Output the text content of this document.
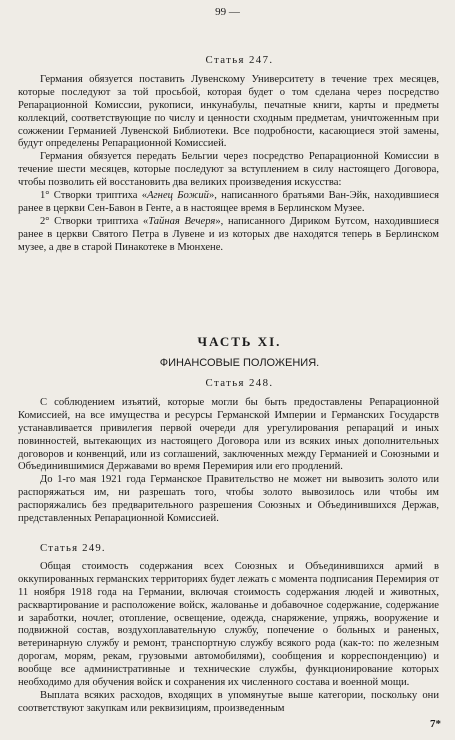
99 —

Статья 247.

Германия обязуется поставить Лувенскому Университету в течение трех месяцев, которые последуют за той просьбой, которая будет о том сделана через посредство Репарационной Комиссии, рукописи, инкунабулы, печатные книги, карты и предметы коллекций, соответствующие по числу и ценности сходным предметам, уничтоженным при сожжении Германией Лувенской Библиотеки. Все подробности, касающиеся этой замены, будут определены Репарационной Комиссией.

Германия обязуется передать Бельгии через посредство Репарационной Комиссии в течение шести месяцев, которые последуют за вступлением в силу настоящего Договора, чтобы позволить ей восстановить два великих произведения искусства:

1° Створки триптиха «Агнец Божий», написанного братьями Ван-Эйк, находившиеся ранее в церкви Сен-Бавон в Генте, а в настоящее время в Берлинском Музее.

2° Створки триптиха «Тайная Вечеря», написанного Дириком Бутсом, находившиеся ранее в церкви Святого Петра в Лувене и из которых две находятся теперь в Берлинском музее, а две в старой Пинакотеке в Мюнхене.

ЧАСТЬ XI.

ФИНАНСОВЫЕ ПОЛОЖЕНИЯ.

Статья 248.

С соблюдением изъятий, которые могли бы быть предоставлены Репарационной Комиссией, на все имущества и ресурсы Германской Империи и Германских Государств устанавливается привилегия первой очереди для урегулирования репараций и иных повинностей, вытекающих из настоящего Договора или из всяких иных дополнительных договоров и конвенций, или из соглашений, заключенных между Германией и Союзными и Объединившимися Державами во время Перемирия или его продлений.

До 1-го мая 1921 года Германское Правительство не может ни вывозить золото или распоряжаться им, ни разрешать того, чтобы золото вывозилось или чтобы им распоряжались без предварительного разрешения Союзных и Объединившихся Держав, представленных Репарационной Комиссией.

Статья 249.

Общая стоимость содержания всех Союзных и Объединившихся армий в оккупированных германских территориях будет лежать с момента подписания Перемирия от 11 ноября 1918 года на Германии, включая стоимость содержания людей и животных, расквартирование и расположение войск, жалованье и добавочное содержание, содержание и заработки, ночлег, отопление, освещение, одежда, снаряжение, упряжь, вооружение и подвижной состав, воздухоплавательную службу, попечение о больных и раненых, ветеринарную службу и ремонт, транспортную службу всякого рода (как-то: по железным дорогам, морям, рекам, грузовыми автомобилями), сообщения и корреспонденцию) и вообще все административные и технические службы, функционирование которых необходимо для обучения войск и сохранения их численного состава и военной мощи.

Выплата всяких расходов, входящих в упомянутые выше категории, поскольку они соответствуют закупкам или реквизициям, произведенным

7*
